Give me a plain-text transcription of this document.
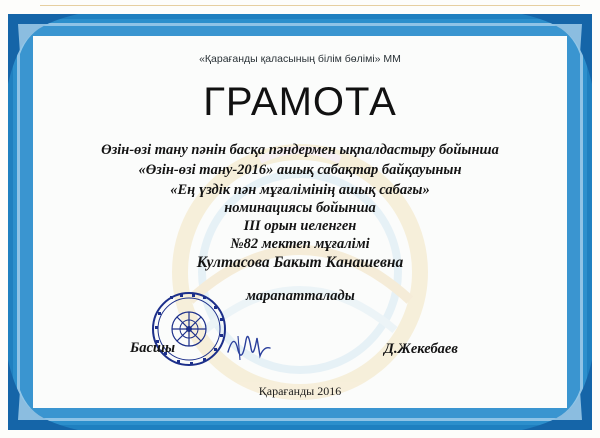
«Қарағанды қаласының білім бөлімі» ММ
ГРАМОТА
Өзін-өзі тану пәнін басқа пәндермен ықпалдастыру бойынша
«Өзін-өзі тану-2016» ашық сабақтар байқауынын
«Ең үздік пән мұғалімінің ашық сабағы»
номинациясы бойынша
III орын иеленген
№82 мектеп мұғалімі
Култасова Бакыт Канашевна
марапатталады
Басшы	Д.Жекебаев
Қарағанды 2016
